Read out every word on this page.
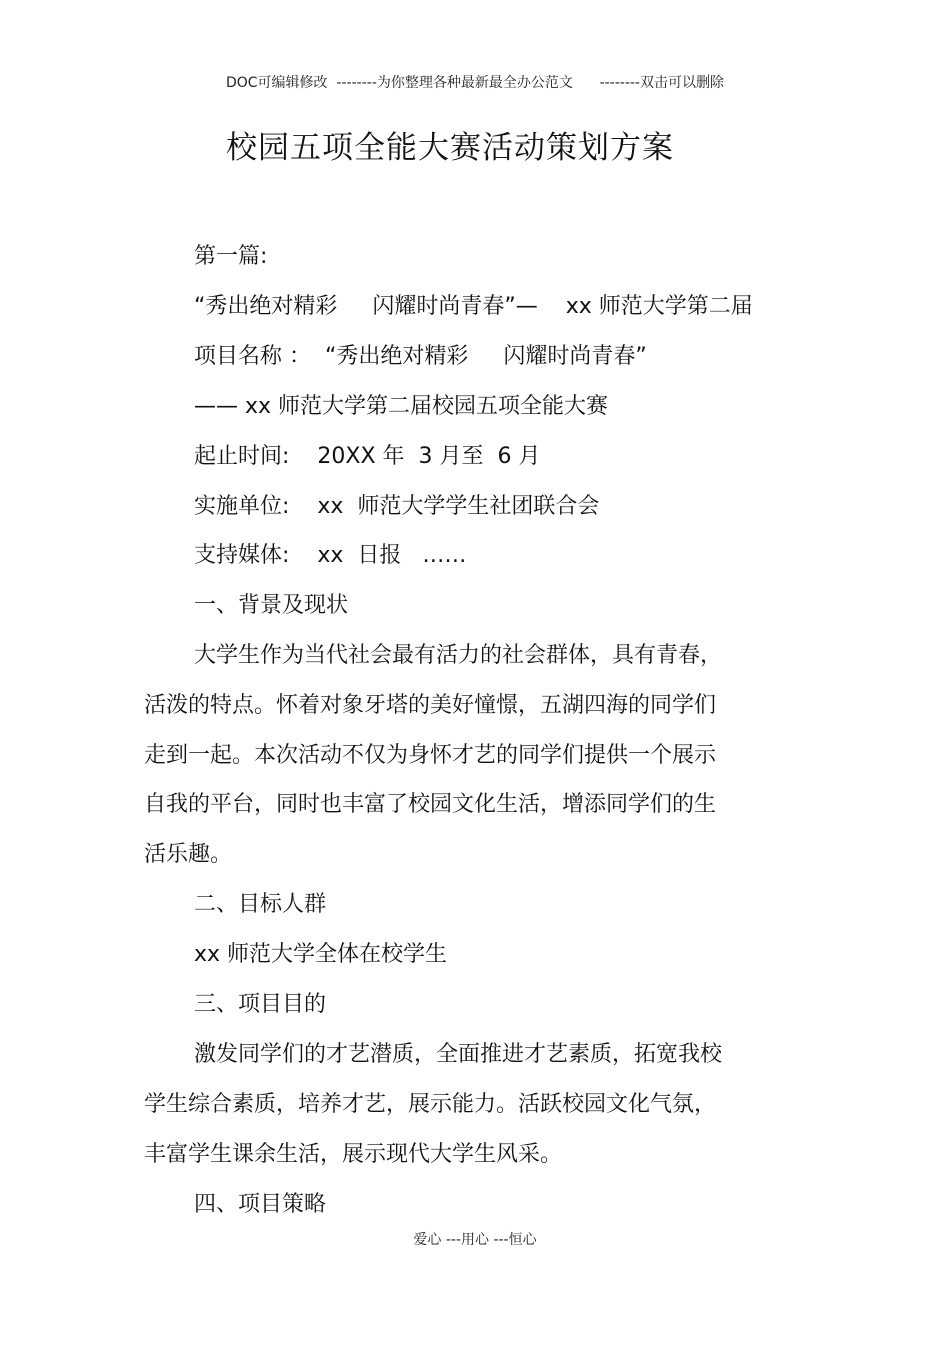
DOC可编辑修改  --------为你整理各种最新最全办公范文      --------双击可以删除
校园五项全能大赛活动策划方案
第一篇:
“秀出绝对精彩     闪耀时尚青春”—    xx 师范大学第二届
项目名称 ：  “秀出绝对精彩     闪耀时尚青春”
—— xx 师范大学第二届校园五项全能大赛
起止时间:    20XX 年  3 月至  6 月
实施单位:    xx  师范大学学生社团联合会
支持媒体:    xx  日报   ……
一、背景及现状
大学生作为当代社会最有活力的社会群体，具有青春，
活泼的特点。怀着对象牙塔的美好憧憬，五湖四海的同学们
走到一起。本次活动不仅为身怀才艺的同学们提供一个展示
自我的平台，同时也丰富了校园文化生活，增添同学们的生
活乐趣。
二、目标人群
xx 师范大学全体在校学生
三、项目目的
激发同学们的才艺潜质，全面推进才艺素质，拓宽我校
学生综合素质，培养才艺，展示能力。活跃校园文化气氛，
丰富学生课余生活，展示现代大学生风采。
四、项目策略
爱心 ---用心 ---恒心
